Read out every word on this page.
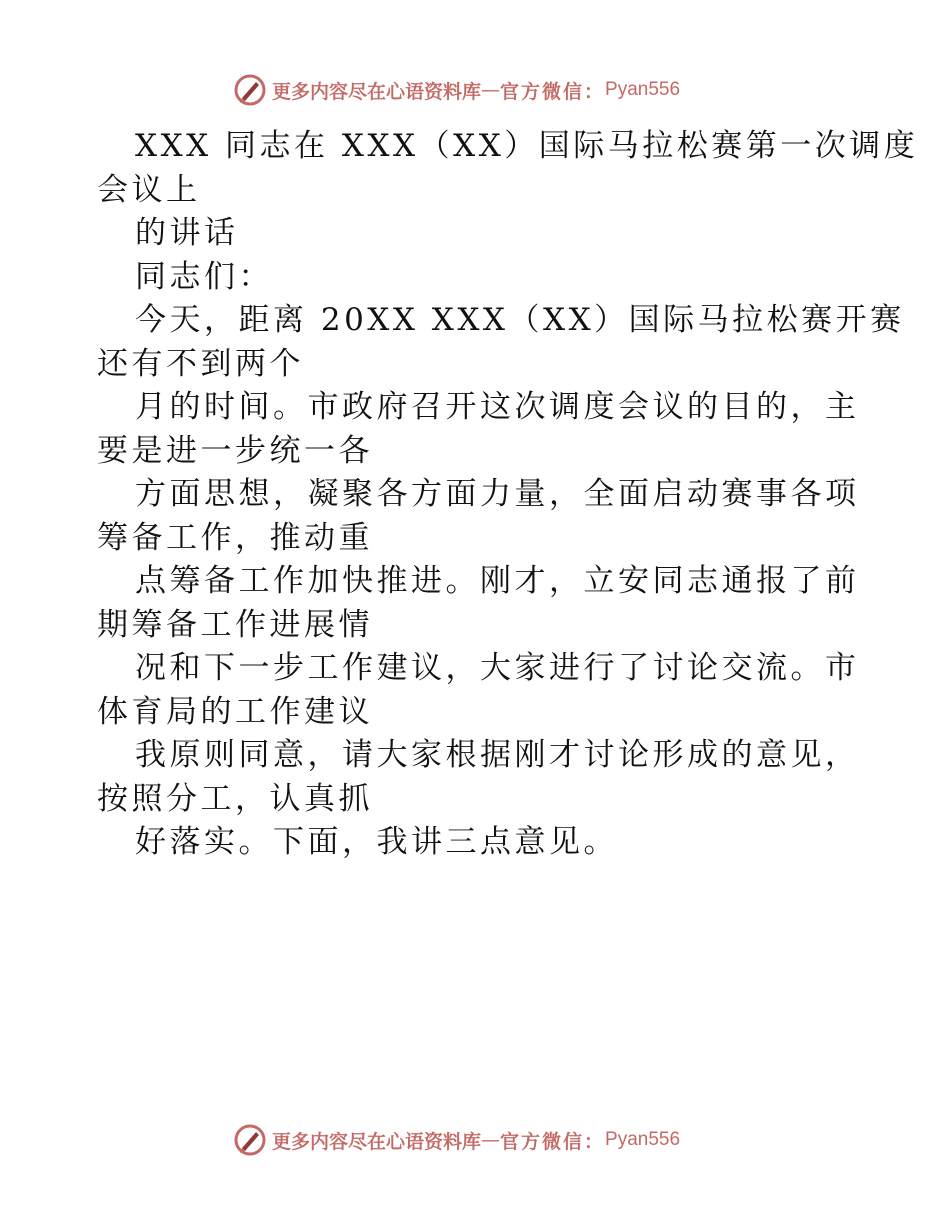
更多内容尽在心语资料库 — 官方微信： Pyan556
XXX 同志在 XXX（XX）国际马拉松赛第一次调度
会议上
的讲话
同志们：
今天，距离 20XX XXX（XX）国际马拉松赛开赛
还有不到两个
月的时间。市政府召开这次调度会议的目的，主
要是进一步统一各
方面思想，凝聚各方面力量，全面启动赛事各项
筹备工作，推动重
点筹备工作加快推进。刚才，立安同志通报了前
期筹备工作进展情
况和下一步工作建议，大家进行了讨论交流。市
体育局的工作建议
我原则同意，请大家根据刚才讨论形成的意见，
按照分工，认真抓
好落实。下面，我讲三点意见。
更多内容尽在心语资料库 — 官方微信： Pyan556
